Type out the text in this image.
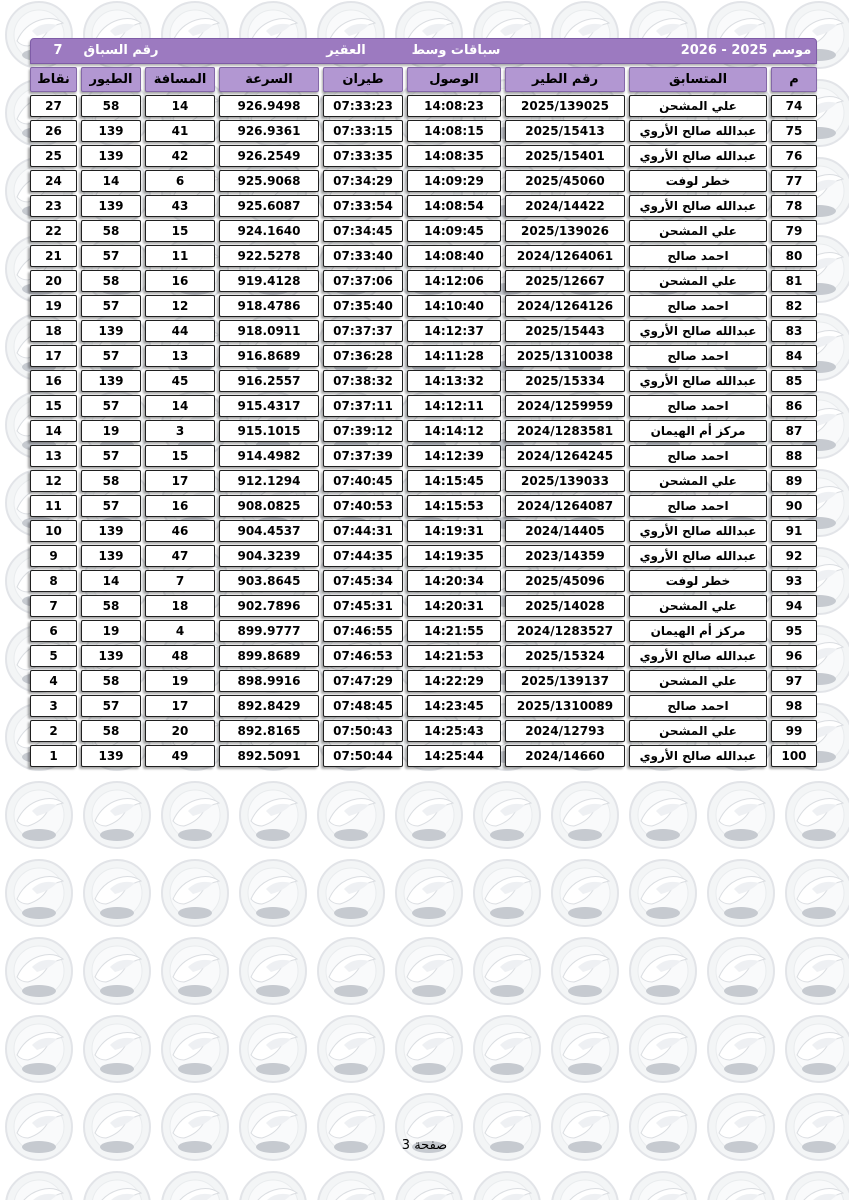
موسم 2025 - 2026
سباقات وسط
العقير
رقم السباق
7
م
المتسابق
رقم الطير
الوصول
طيران
السرعة
المسافة
الطيور
نقاط
74
علي المشحن
2025/139025
14:08:23
07:33:23
926.9498
14
58
27
75
عبدالله صالح الأروي
2025/15413
14:08:15
07:33:15
926.9361
41
139
26
76
عبدالله صالح الأروي
2025/15401
14:08:35
07:33:35
926.2549
42
139
25
77
خطر لوفت
2025/45060
14:09:29
07:34:29
925.9068
6
14
24
78
عبدالله صالح الأروي
2024/14422
14:08:54
07:33:54
925.6087
43
139
23
79
علي المشحن
2025/139026
14:09:45
07:34:45
924.1640
15
58
22
80
احمد صالح
2024/1264061
14:08:40
07:33:40
922.5278
11
57
21
81
علي المشحن
2025/12667
14:12:06
07:37:06
919.4128
16
58
20
82
احمد صالح
2024/1264126
14:10:40
07:35:40
918.4786
12
57
19
83
عبدالله صالح الأروي
2025/15443
14:12:37
07:37:37
918.0911
44
139
18
84
احمد صالح
2025/1310038
14:11:28
07:36:28
916.8689
13
57
17
85
عبدالله صالح الأروي
2025/15334
14:13:32
07:38:32
916.2557
45
139
16
86
احمد صالح
2024/1259959
14:12:11
07:37:11
915.4317
14
57
15
87
مركز أم الهيمان
2024/1283581
14:14:12
07:39:12
915.1015
3
19
14
88
احمد صالح
2024/1264245
14:12:39
07:37:39
914.4982
15
57
13
89
علي المشحن
2025/139033
14:15:45
07:40:45
912.1294
17
58
12
90
احمد صالح
2024/1264087
14:15:53
07:40:53
908.0825
16
57
11
91
عبدالله صالح الأروي
2024/14405
14:19:31
07:44:31
904.4537
46
139
10
92
عبدالله صالح الأروي
2023/14359
14:19:35
07:44:35
904.3239
47
139
9
93
خطر لوفت
2025/45096
14:20:34
07:45:34
903.8645
7
14
8
94
علي المشحن
2025/14028
14:20:31
07:45:31
902.7896
18
58
7
95
مركز أم الهيمان
2024/1283527
14:21:55
07:46:55
899.9777
4
19
6
96
عبدالله صالح الأروي
2025/15324
14:21:53
07:46:53
899.8689
48
139
5
97
علي المشحن
2025/139137
14:22:29
07:47:29
898.9916
19
58
4
98
احمد صالح
2025/1310089
14:23:45
07:48:45
892.8429
17
57
3
99
علي المشحن
2024/12793
14:25:43
07:50:43
892.8165
20
58
2
100
عبدالله صالح الأروي
2024/14660
14:25:44
07:50:44
892.5091
49
139
1
صفحة 3
